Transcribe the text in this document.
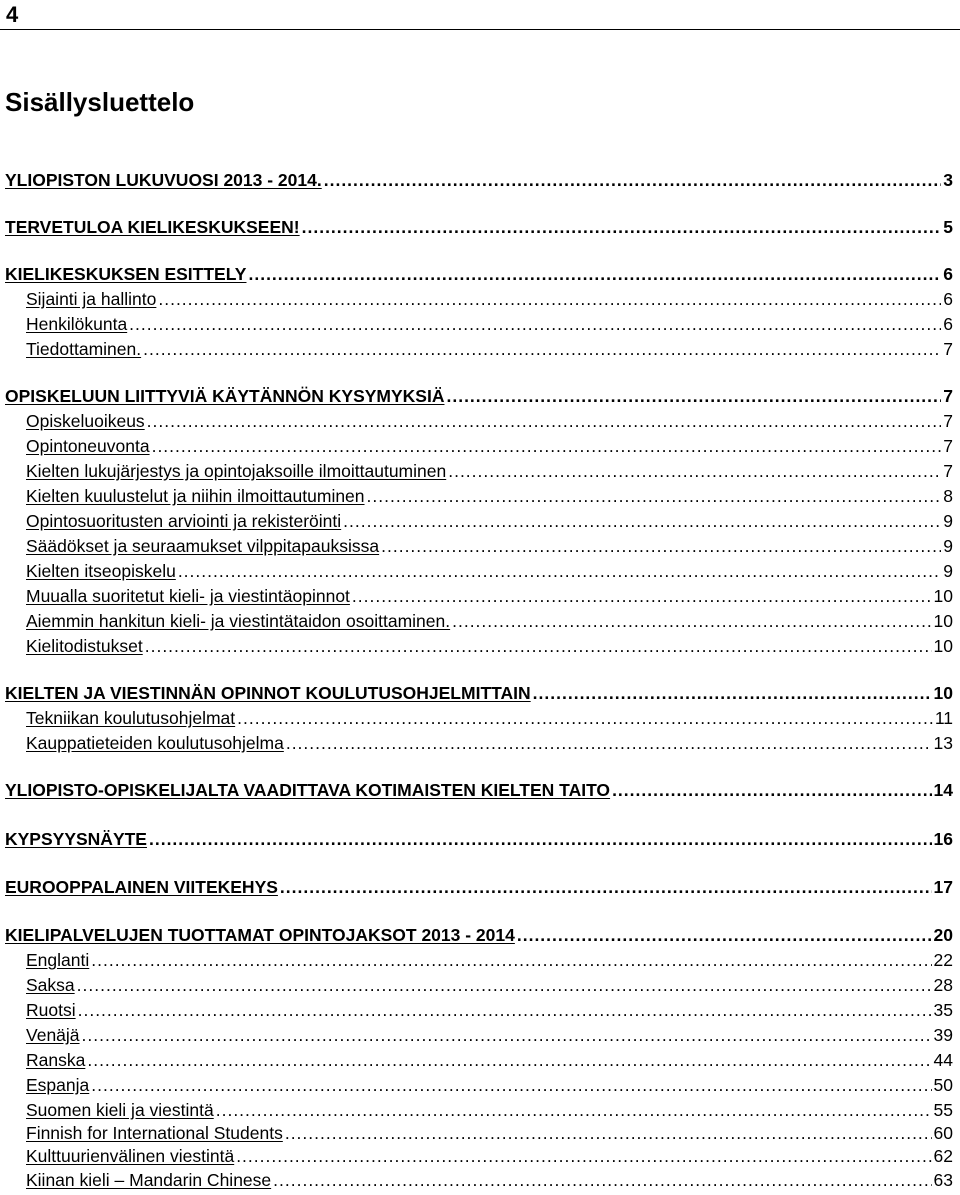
4
Sisällysluettelo
YLIOPISTON LUKUVUOSI 2013 - 2014. .....	3
TERVETULOA KIELIKESKUKSEEN! .....	5
KIELIKESKUKSEN ESITTELY .....	6
Sijainti ja hallinto .....	6
Henkilökunta .....	6
Tiedottaminen. .....	7
OPISKELUUN LIITTYVIÄ KÄYTÄNNÖN KYSYMYKSIÄ .....	7
Opiskeluoikeus .....	7
Opintoneuvonta .....	7
Kielten lukujärjestys ja opintojaksoille ilmoittautuminen .....	7
Kielten kuulustelut ja niihin ilmoittautuminen .....	8
Opintosuoritusten arviointi ja rekisteröinti .....	9
Säädökset ja seuraamukset vilppitapauksissa .....	9
Kielten itseopiskelu .....	9
Muualla suoritetut kieli- ja viestintäopinnot .....	10
Aiemmin hankitun kieli- ja viestintätaidon osoittaminen. .....	10
Kielitodistukset .....	10
KIELTEN JA VIESTINNÄN OPINNOT KOULUTUSOHJELMITTAIN .....	10
Tekniikan koulutusohjelmat .....	11
Kauppatieteiden koulutusohjelma .....	13
YLIOPISTO-OPISKELIJALTA VAADITTAVA KOTIMAISTEN KIELTEN TAITO .....	14
KYPSYYSNÄYTE .....	16
EUROOPPALAINEN VIITEKEHYS .....	17
KIELIPALVELUJEN TUOTTAMAT OPINTOJAKSOT 2013 - 2014 .....	20
Englanti .....	22
Saksa .....	28
Ruotsi .....	35
Venäjä .....	39
Ranska .....	44
Espanja .....	50
Suomen kieli ja viestintä .....	55
Finnish for International Students .....	60
Kulttuurienvälinen viestintä .....	62
Kiinan kieli – Mandarin Chinese .....	63
